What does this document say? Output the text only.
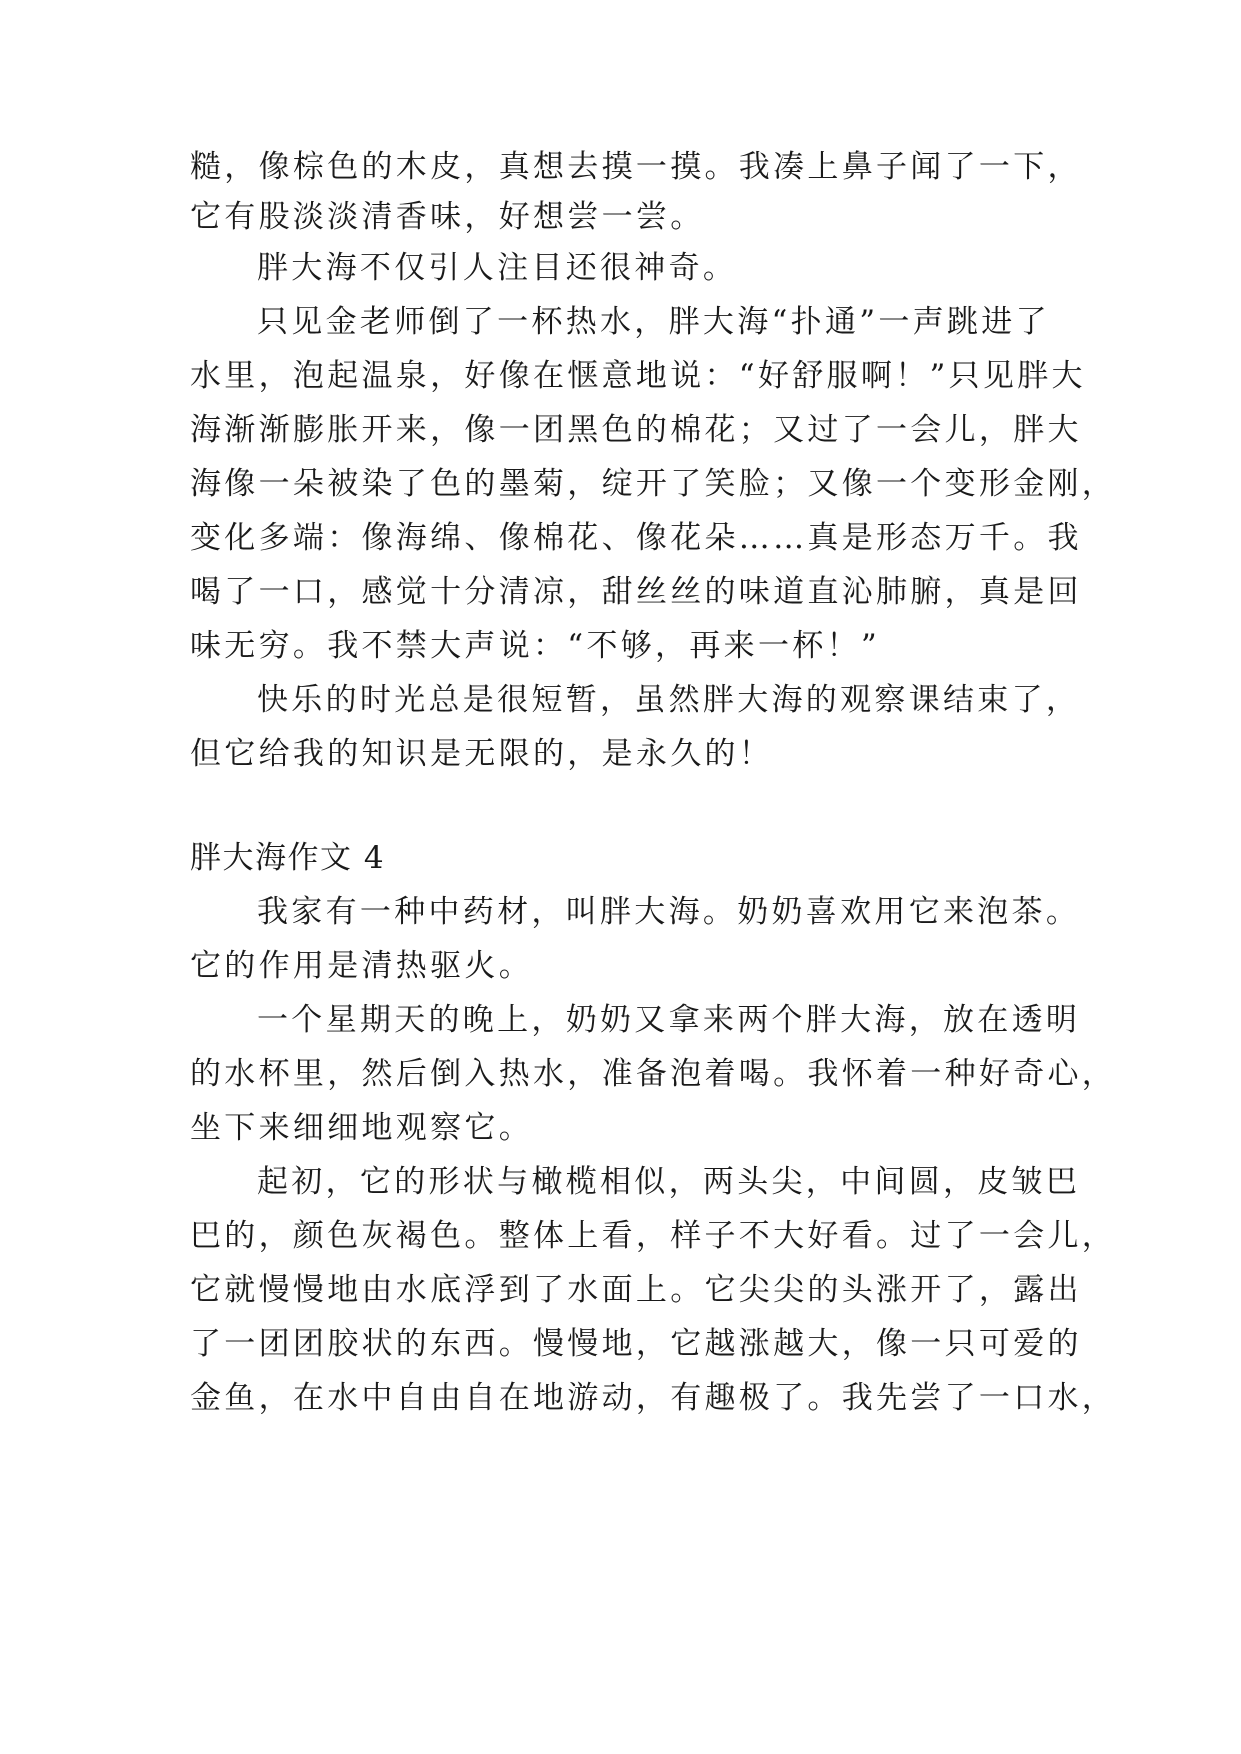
糙，像棕色的木皮，真想去摸一摸。我凑上鼻子闻了一下，

它有股淡淡清香味，好想尝一尝。

胖大海不仅引人注目还很神奇。

只见金老师倒了一杯热水，胖大海“扑通”一声跳进了

水里，泡起温泉，好像在惬意地说：“好舒服啊！”只见胖大

海渐渐膨胀开来，像一团黑色的棉花；又过了一会儿，胖大

海像一朵被染了色的墨菊，绽开了笑脸；又像一个变形金刚，

变化多端：像海绵、像棉花、像花朵……真是形态万千。我

喝了一口，感觉十分清凉，甜丝丝的味道直沁肺腑，真是回

味无穷。我不禁大声说：“不够，再来一杯！”

快乐的时光总是很短暂，虽然胖大海的观察课结束了，

但它给我的知识是无限的，是永久的！

胖大海作文 4

我家有一种中药材，叫胖大海。奶奶喜欢用它来泡茶。

它的作用是清热驱火。

一个星期天的晚上，奶奶又拿来两个胖大海，放在透明

的水杯里，然后倒入热水，准备泡着喝。我怀着一种好奇心，

坐下来细细地观察它。

起初，它的形状与橄榄相似，两头尖，中间圆，皮皱巴

巴的，颜色灰褐色。整体上看，样子不大好看。过了一会儿，

它就慢慢地由水底浮到了水面上。它尖尖的头涨开了，露出

了一团团胶状的东西。慢慢地，它越涨越大，像一只可爱的

金鱼，在水中自由自在地游动，有趣极了。我先尝了一口水，
